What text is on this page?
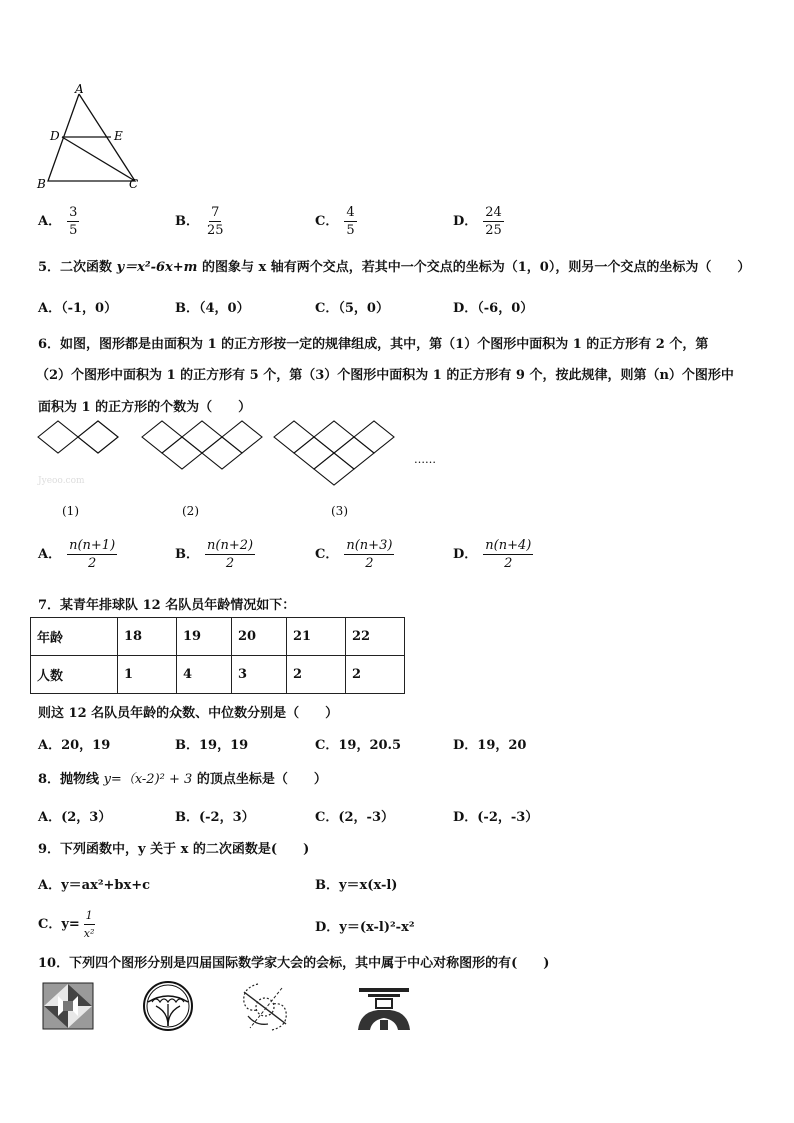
A
D	E
B	C
A． $\frac{3}{5}$	B． $\frac{7}{25}$	C． $\frac{4}{5}$	D． $\frac{24}{25}$
5．二次函数 y＝x²-6x+m 的图象与 x 轴有两个交点，若其中一个交点的坐标为（1，0），则另一个交点的坐标为（　　）
A．（-1，0）	B．（4，0）	C．（5，0）	D．（-6，0）
6．如图，图形都是由面积为 1 的正方形按一定的规律组成，其中，第（1）个图形中面积为 1 的正方形有 2 个，第
（2）个图形中面积为 1 的正方形有 5 个，第（3）个图形中面积为 1 的正方形有 9 个，按此规律，则第（n）个图形中
面积为 1 的正方形的个数为（　　）
……
Jyeoo.com
(1)	(2)	(3)
A． $\frac{n(n+1)}{2}$	B． $\frac{n(n+2)}{2}$	C． $\frac{n(n+3)}{2}$	D． $\frac{n(n+4)}{2}$
7．某青年排球队 12 名队员年龄情况如下：
年龄	18	19	20	21	22
人数	1	4	3	2	2
则这 12 名队员年龄的众数、中位数分别是（　　）
A．20，19	B．19，19	C．19，20.5	D．19，20
8．抛物线 y=（x-2)² + 3 的顶点坐标是（　　）
A．(2，3）	B．(-2，3）	C．(2，-3）	D．(-2，-3）
9．下列函数中，y 关于 x 的二次函数是(　　)
A．y＝ax²+bx+c	B．y＝x(x-l)
C．$y= \frac{1}{\text{x²}}$	D．y＝(x-l)²-x²
10．下列四个图形分别是四届国际数学家大会的会标，其中属于中心对称图形的有(　　)
